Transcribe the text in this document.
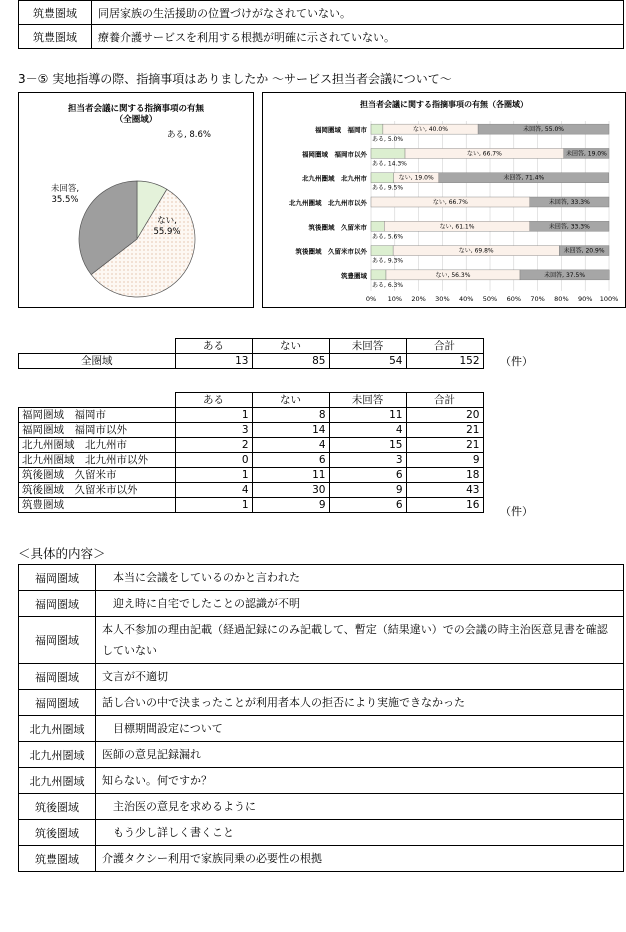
筑豊圏域	同居家族の生活援助の位置づけがなされていない。
筑豊圏域	療養介護サービスを利用する根拠が明確に示されていない。
3－⑤ 実地指導の際、指摘事項はありましたか ～サービス担当者会議について～
担当者会議に関する指摘事項の有無（全圏域）
ある, 8.6%
ない, 55.9%
未回答, 35.5%
担当者会議に関する指摘事項の有無（各圏域）
0% 10% 20% 30% 40% 50% 60% 70% 80% 90% 100%
福岡圏域　福岡市
ある, 5.0%
ない, 40.0%	未回答, 55.0%
福岡圏域　福岡市以外
ある, 14.3%
ない, 66.7%	未回答, 19.0%
北九州圏域　北九州市
ある, 9.5%
ない, 19.0%	未回答, 71.4%
北九州圏域　北九州市以外	ない, 66.7%	未回答, 33.3%
筑後圏域　久留米市
ある, 5.6%
ない, 61.1%	未回答, 33.3%
筑後圏域　久留米市以外
ある, 9.3%
ない, 69.8%	未回答, 20.9%
筑豊圏域
ある, 6.3%
ない, 56.3%	未回答, 37.5%
	ある	ない	未回答	合計
全圏域	13	85	54	152 （件）
	ある	ない	未回答	合計
福岡圏域　福岡市	1	8	11	20
福岡圏域　福岡市以外	3	14	4	21
北九州圏域　北九州市	2	4	15	21
北九州圏域　北九州市以外	0	6	3	9
筑後圏域　久留米市	1	11	6	18
筑後圏域　久留米市以外	4	30	9	43
筑豊圏域	1	9	6	16 （件）
＜具体的内容＞
福岡圏域	　本当に会議をしているのかと言われた
福岡圏域	　迎え時に自宅でしたことの認識が不明
福岡圏域	本人不参加の理由記載（経過記録にのみ記載して、暫定（結果違い）での会議の時主治医意見書を確認していない
福岡圏域	文言が不適切
福岡圏域	話し合いの中で決まったことが利用者本人の拒否により実施できなかった
北九州圏域	　目標期間設定について
北九州圏域	医師の意見記録漏れ
北九州圏域	知らない。何ですか？
筑後圏域	　主治医の意見を求めるように
筑後圏域	　もう少し詳しく書くこと
筑豊圏域	介護タクシー利用で家族同乗の必要性の根拠
